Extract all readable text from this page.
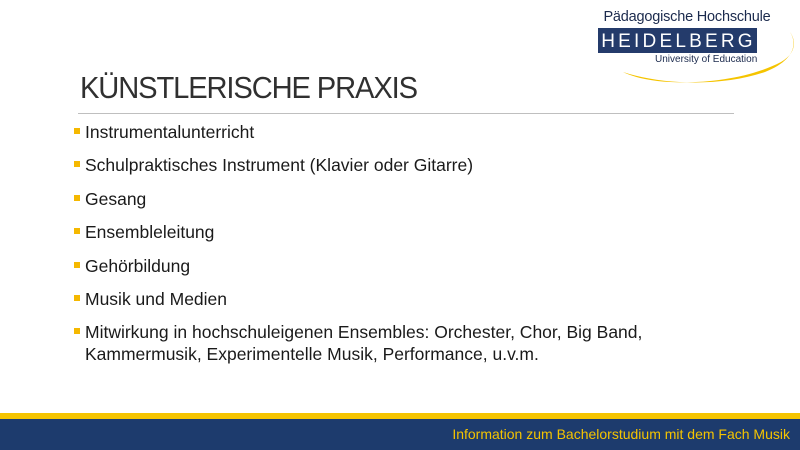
Pädagogische Hochschule
HEIDELBERG
University of Education
KÜNSTLERISCHE PRAXIS
Instrumentalunterricht
Schulpraktisches Instrument (Klavier oder Gitarre)
Gesang
Ensembleleitung
Gehörbildung
Musik und Medien
Mitwirkung in hochschuleigenen Ensembles: Orchester, Chor, Big Band, Kammermusik, Experimentelle Musik, Performance, u.v.m.
Information zum Bachelorstudium mit dem Fach Musik
